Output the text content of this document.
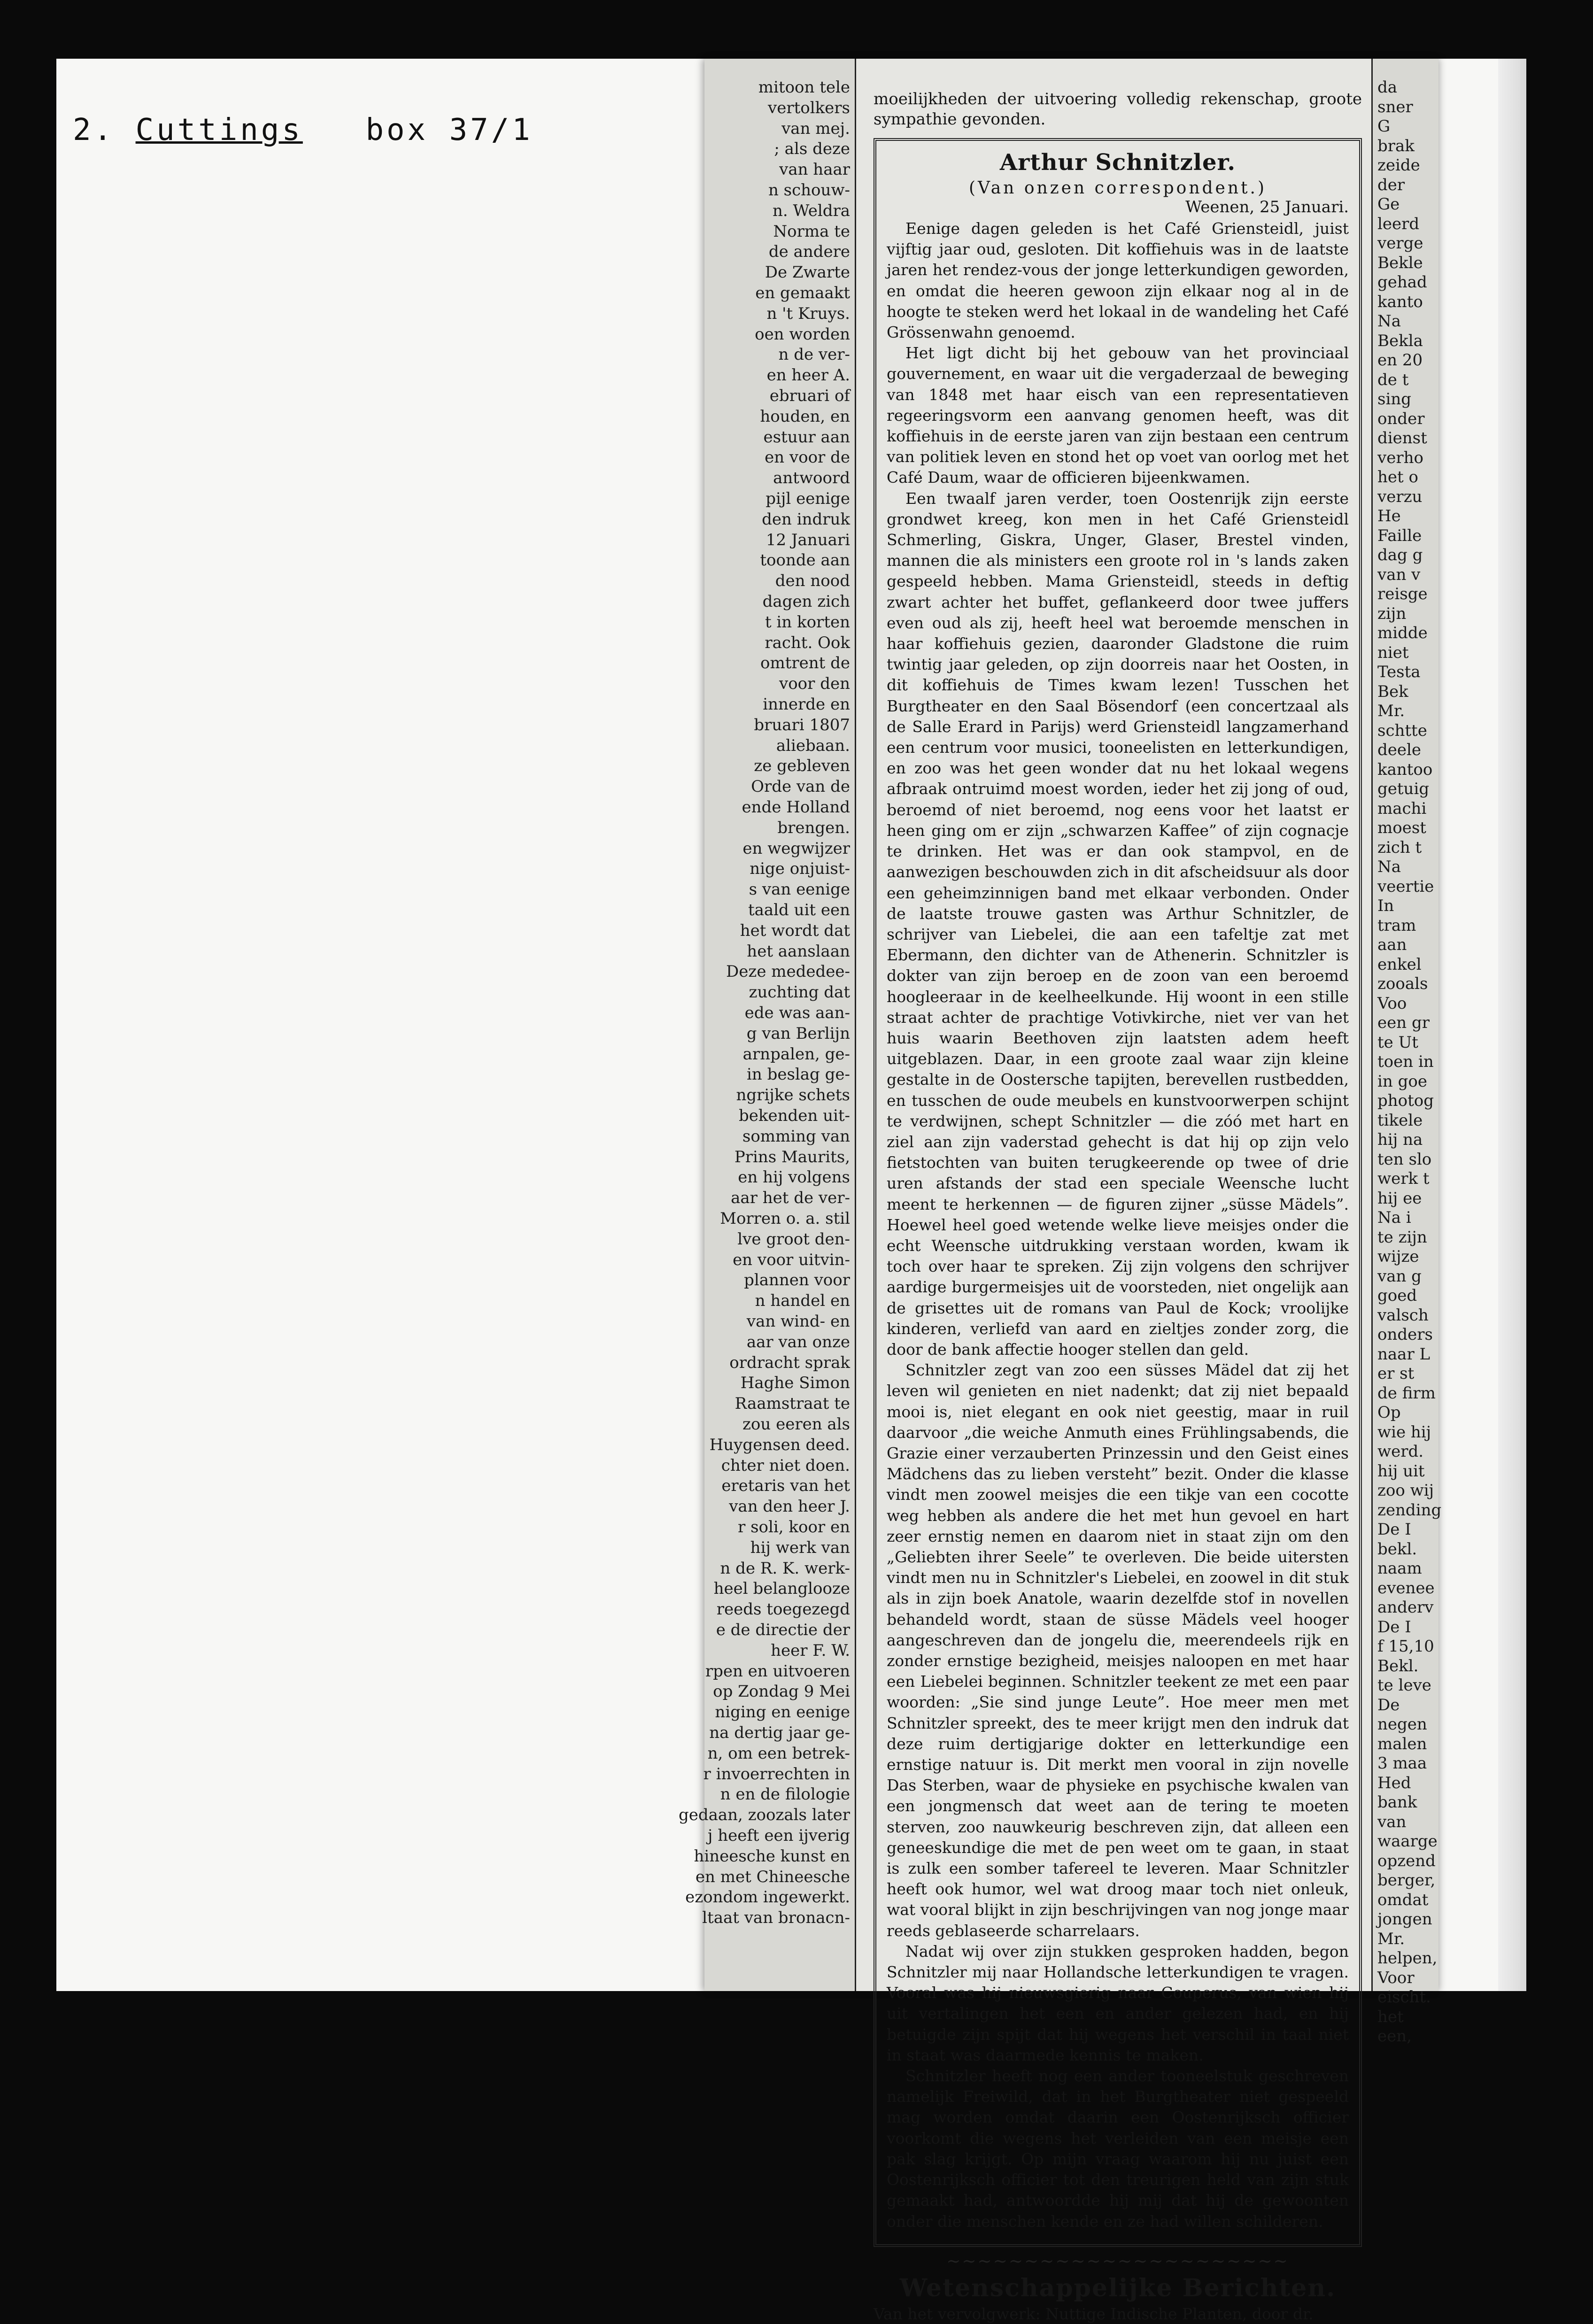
2. Cuttings box 37/1
mitoon tele
vertolkers
van mej.
; als deze
van haar
n schouw-
n. Weldra
Norma te
de andere
De Zwarte
en gemaakt
n 't Kruys.
oen worden
n de ver-
en heer A.
ebruari of
houden, en
estuur aan
en voor de
antwoord
pijl eenige
den indruk
12 Januari
toonde aan
den nood
dagen zich
t in korten
racht. Ook
omtrent de
voor den
innerde en
bruari 1807
aliebaan.
ze gebleven
Orde van de
ende Holland
brengen.
en wegwijzer
nige onjuist-
s van eenige
taald uit een
het wordt dat
het aanslaan
Deze mededee-
zuchting dat
ede was aan-
g van Berlijn
arnpalen, ge-
in beslag ge-
ngrijke schets
bekenden uit-
somming van
Prins Maurits,
en hij volgens
aar het de ver-
Morren o. a. stil
lve groot den-
en voor uitvin-
plannen voor
n handel en
van wind- en
aar van onze
ordracht sprak
Haghe Simon
Raamstraat te
zou eeren als
Huygensen deed.
chter niet doen.
eretaris van het
van den heer J.
r soli, koor en
hij werk van
n de R. K. werk-
heel belanglooze
reeds toegezegd
e de directie der
heer F. W.
rpen en uitvoeren
op Zondag 9 Mei
niging en eenige
na dertig jaar ge-
n, om een betrek-
r invoerrechten in
n en de filologie
gedaan, zoozals later
j heeft een ijverig
hineesche kunst en
en met Chineesche
ezondom ingewerkt.
ltaat van bronacn-
moeilijkheden der uitvoering volledig rekenschap, groote sympathie gevonden.
Arthur Schnitzler.
(Van onzen correspondent.)
Weenen, 25 Januari.

Eenige dagen geleden is het Café Griensteidl, juist vijftig jaar oud, gesloten. Dit koffiehuis was in de laatste jaren het rendez-vous der jonge letterkundigen geworden, en omdat die heeren gewoon zijn elkaar nog al in de hoogte te steken werd het lokaal in de wandeling het Café Grössenwahn genoemd.

Het ligt dicht bij het gebouw van het provinciaal gouvernement, en waar uit die vergaderzaal de beweging van 1848 met haar eisch van een representatieven regeeringsvorm een aanvang genomen heeft, was dit koffiehuis in de eerste jaren van zijn bestaan een centrum van politiek leven en stond het op voet van oorlog met het Café Daum, waar de officieren bijeenkwamen.

Een twaalf jaren verder, toen Oostenrijk zijn eerste grondwet kreeg, kon men in het Café Griensteidl Schmerling, Giskra, Unger, Glaser, Brestel vinden, mannen die als ministers een groote rol in 's lands zaken gespeeld hebben. Mama Griensteidl, steeds in deftig zwart achter het buffet, geflankeerd door twee juffers even oud als zij, heeft heel wat beroemde menschen in haar koffiehuis gezien, daaronder Gladstone die ruim twintig jaar geleden, op zijn doorreis naar het Oosten, in dit koffiehuis de Times kwam lezen! Tusschen het Burgtheater en den Saal Bösendorf (een concertzaal als de Salle Erard in Parijs) werd Griensteidl langzamerhand een centrum voor musici, tooneelisten en letterkundigen, en zoo was het geen wonder dat nu het lokaal wegens afbraak ontruimd moest worden, ieder het zij jong of oud, beroemd of niet beroemd, nog eens voor het laatst er heen ging om er zijn „schwarzen Kaffee” of zijn cognacje te drinken. Het was er dan ook stampvol, en de aanwezigen beschouwden zich in dit afscheidsuur als door een geheimzinnigen band met elkaar verbonden. Onder de laatste trouwe gasten was Arthur Schnitzler, de schrijver van Liebelei, die aan een tafeltje zat met Ebermann, den dichter van de Athenerin. Schnitzler is dokter van zijn beroep en de zoon van een beroemd hoogleeraar in de keelheelkunde. Hij woont in een stille straat achter de prachtige Votivkirche, niet ver van het huis waarin Beethoven zijn laatsten adem heeft uitgeblazen. Daar, in een groote zaal waar zijn kleine gestalte in de Oostersche tapijten, berevellen rustbedden, en tusschen de oude meubels en kunstvoorwerpen schijnt te verdwijnen, schept Schnitzler — die zóó met hart en ziel aan zijn vaderstad gehecht is dat hij op zijn velo fietstochten van buiten terugkeerende op twee of drie uren afstands der stad een speciale Weensche lucht meent te herkennen — de figuren zijner „süsse Mädels”. Hoewel heel goed wetende welke lieve meisjes onder die echt Weensche uitdrukking verstaan worden, kwam ik toch over haar te spreken. Zij zijn volgens den schrijver aardige burgermeisjes uit de voorsteden, niet ongelijk aan de grisettes uit de romans van Paul de Kock; vroolijke kinderen, verliefd van aard en zieltjes zonder zorg, die door de bank affectie hooger stellen dan geld.

Schnitzler zegt van zoo een süsses Mädel dat zij het leven wil genieten en niet nadenkt; dat zij niet bepaald mooi is, niet elegant en ook niet geestig, maar in ruil daarvoor „die weiche Anmuth eines Frühlingsabends, die Grazie einer verzauberten Prinzessin und den Geist eines Mädchens das zu lieben versteht” bezit. Onder die klasse vindt men zoowel meisjes die een tikje van een cocotte weg hebben als andere die het met hun gevoel en hart zeer ernstig nemen en daarom niet in staat zijn om den „Geliebten ihrer Seele” te overleven. Die beide uitersten vindt men nu in Schnitzler's Liebelei, en zoowel in dit stuk als in zijn boek Anatole, waarin dezelfde stof in novellen behandeld wordt, staan de süsse Mädels veel hooger aangeschreven dan de jongelu die, meerendeels rijk en zonder ernstige bezigheid, meisjes naloopen en met haar een Liebelei beginnen. Schnitzler teekent ze met een paar woorden: „Sie sind junge Leute”. Hoe meer men met Schnitzler spreekt, des te meer krijgt men den indruk dat deze ruim dertigjarige dokter en letterkundige een ernstige natuur is. Dit merkt men vooral in zijn novelle Das Sterben, waar de physieke en psychische kwalen van een jongmensch dat weet aan de tering te moeten sterven, zoo nauwkeurig beschreven zijn, dat alleen een geneeskundige die met de pen weet om te gaan, in staat is zulk een somber tafereel te leveren. Maar Schnitzler heeft ook humor, wel wat droog maar toch niet onleuk, wat vooral blijkt in zijn beschrijvingen van nog jonge maar reeds geblaseerde scharrelaars.

Nadat wij over zijn stukken gesproken hadden, begon Schnitzler mij naar Hollandsche letterkundigen te vragen. Vooral was hij nieuwsgierig naar Couperus, van wien hij uit vertalingen het een en ander gelezen had, en hij betuigde zijn spijt dat hij wegens het verschil in taal niet in staat was daarmede kennis te maken.

Schnitzler heeft nog een ander tooneelstuk geschreven namelijk Freiwild, dat in het Burgtheater niet gespeeld mag worden omdat daarin een Oostenrijksch officier voorkomt die wegens het verleiden van een meisje een pak slag krijgt. Op mijn vraag waarom hij nu juist een Oostenrijksch officier tot den treurigen held van zijn stuk gemaakt had, antwoordde hij mij dat hij de gewoonten onder die menschen kende en ze had willen schilderen.

~~~~~~~~~~~~~~~~~~~~~~
Wetenschappelijke Berichten.
Van het vervolgwerk: Nuttige Indische Planten, door dr.
da
sner
G
brak
zeide
der
Ge
leerd
verge
Bekle
gehad
kanto
Na
Bekla
en 20
de t
sing
onder
dienst
verho
het o
verzu
He
Faille
dag g
van v
reisge
zijn
midde
niet
Testa
Bek
Mr.
schtte
deele
kantoo
getuig
machi
moest
zich t
Na
veertie
In
tram
aan
enkel
zooals
Voo
een gr
te Ut
toen in
in goe
photog
tikele
hij na
ten slo
werk t
hij ee
Na i
te zijn
wijze
van g
goed
valsch
onders
naar L
er st
de firm
Op
wie hij
werd.
hij uit
zoo wij
zending
De I
bekl.
naam
evenee
anderv
De I
f 15,10
Bekl.
te leve
De
negen
malen
3 maa
Hed
bank
van
waarge
opzend
berger,
omdat
jongen
Mr.
helpen,
Voor
eischt.
het
een,
